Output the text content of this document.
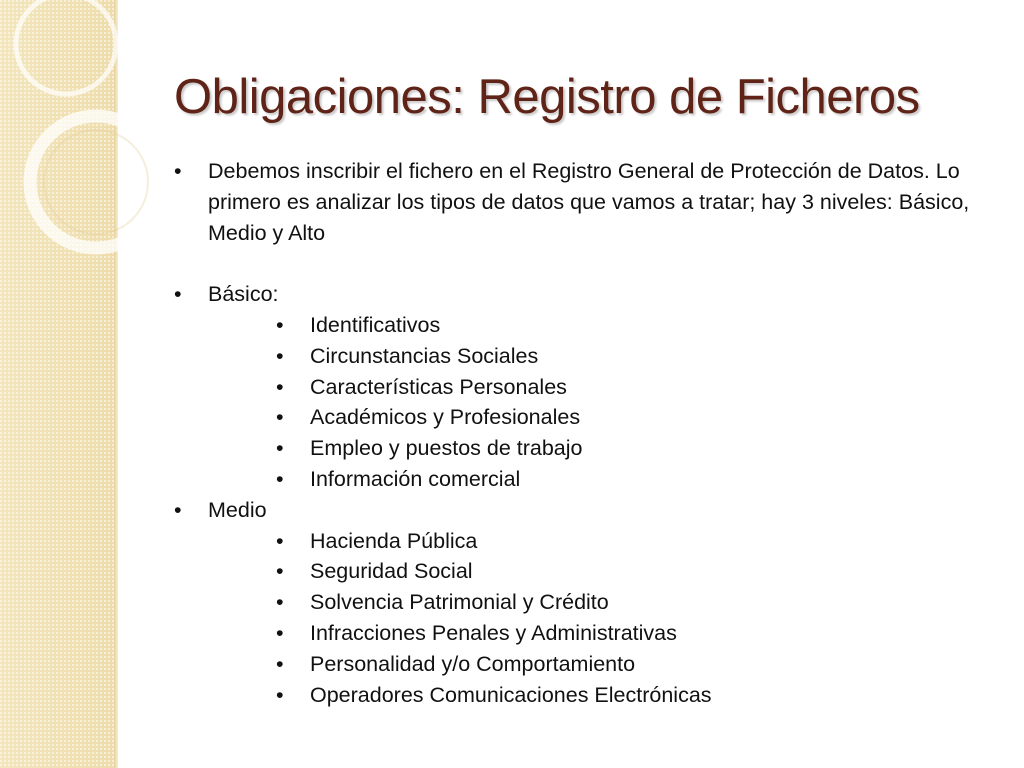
Obligaciones: Registro de Ficheros
•	Debemos inscribir el fichero en el Registro General de Protección de Datos. Lo primero es analizar los tipos de datos que vamos a tratar; hay 3 niveles: Básico, Medio y Alto
•	Básico:
•	Identificativos
•	Circunstancias Sociales
•	Características Personales
•	Académicos y Profesionales
•	Empleo y puestos de trabajo
•	Información comercial
•	Medio
•	Hacienda Pública
•	Seguridad Social
•	Solvencia Patrimonial y Crédito
•	Infracciones Penales y Administrativas
•	Personalidad y/o Comportamiento
•	Operadores Comunicaciones Electrónicas
